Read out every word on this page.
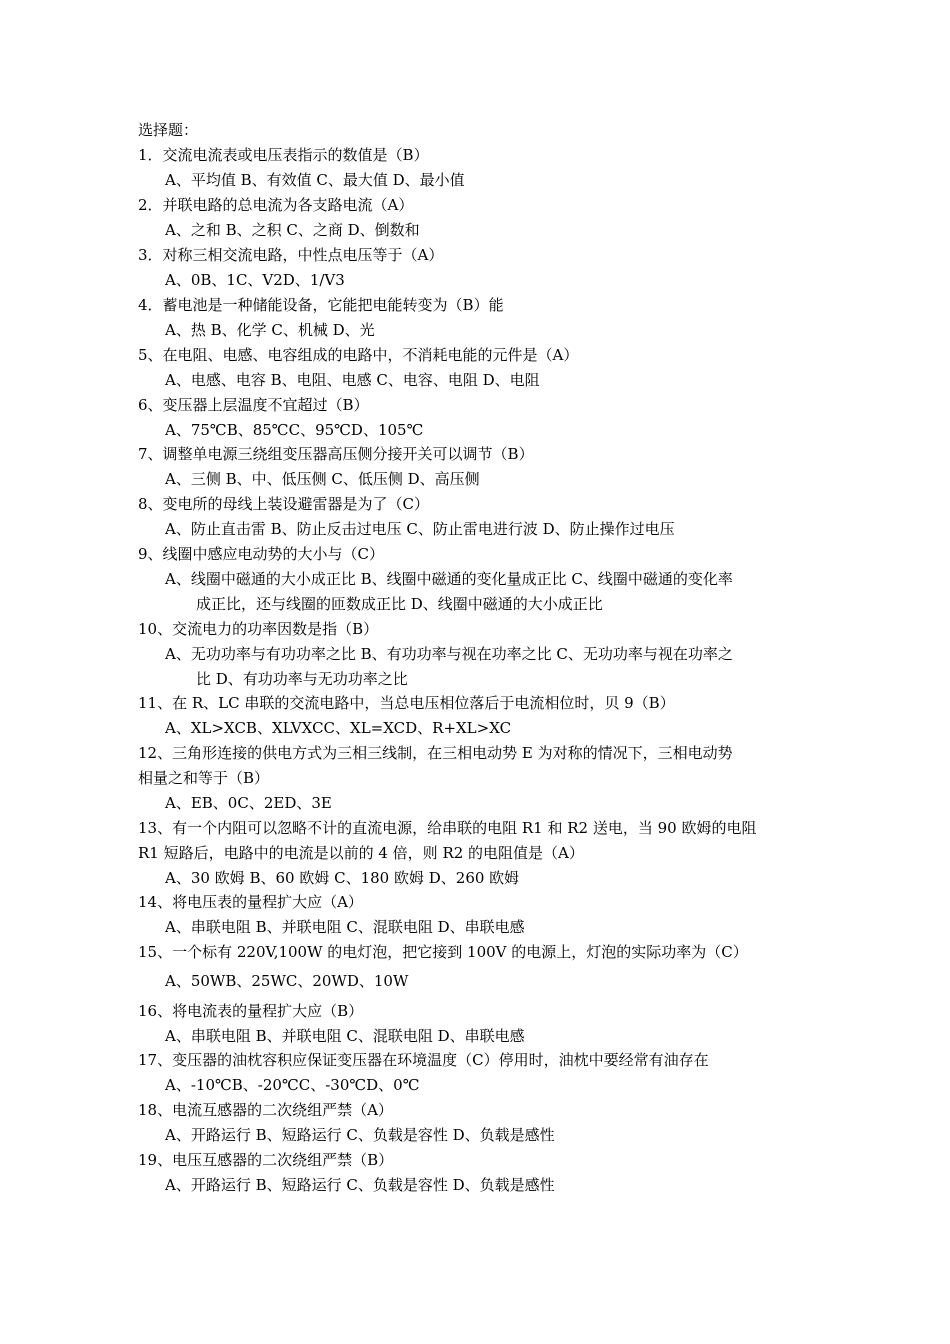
选择题：
1．交流电流表或电压表指示的数值是（B）
A、平均值 B、有效值 C、最大值 D、最小值
2．并联电路的总电流为各支路电流（A）
A、之和 B、之积 C、之商 D、倒数和
3．对称三相交流电路，中性点电压等于（A）
A、0B、1C、V2D、1/V3
4．蓄电池是一种储能设备，它能把电能转变为（B）能
A、热 B、化学 C、机械 D、光
5、在电阻、电感、电容组成的电路中，不消耗电能的元件是（A）
A、电感、电容 B、电阻、电感 C、电容、电阻 D、电阻
6、变压器上层温度不宜超过（B）
A、75℃B、85℃C、95℃D、105℃
7、调整单电源三绕组变压器高压侧分接开关可以调节（B）
A、三侧 B、中、低压侧 C、低压侧 D、高压侧
8、变电所的母线上装设避雷器是为了（C）
A、防止直击雷 B、防止反击过电压 C、防止雷电进行波 D、防止操作过电压
9、线圈中感应电动势的大小与（C）
A、线圈中磁通的大小成正比 B、线圈中磁通的变化量成正比 C、线圈中磁通的变化率
成正比，还与线圈的匝数成正比 D、线圈中磁通的大小成正比
10、交流电力的功率因数是指（B）
A、无功功率与有功功率之比 B、有功功率与视在功率之比 C、无功功率与视在功率之
比 D、有功功率与无功功率之比
11、在 R、LC 串联的交流电路中，当总电压相位落后于电流相位时，贝 9（B）
A、XL>XCB、XLVXCC、XL=XCD、R+XL>XC
12、三角形连接的供电方式为三相三线制，在三相电动势 E 为对称的情况下，三相电动势
相量之和等于（B）
A、EB、0C、2ED、3E
13、有一个内阻可以忽略不计的直流电源，给串联的电阻 R1 和 R2 送电，当 90 欧姆的电阻
R1 短路后，电路中的电流是以前的 4 倍，则 R2 的电阻值是（A）
A、30 欧姆 B、60 欧姆 C、180 欧姆 D、260 欧姆
14、将电压表的量程扩大应（A）
A、串联电阻 B、并联电阻 C、混联电阻 D、串联电感
15、一个标有 220V,100W 的电灯泡，把它接到 100V 的电源上，灯泡的实际功率为（C）
A、50WB、25WC、20WD、10W
16、将电流表的量程扩大应（B）
A、串联电阻 B、并联电阻 C、混联电阻 D、串联电感
17、变压器的油枕容积应保证变压器在环境温度（C）停用时，油枕中要经常有油存在
A、-10℃B、-20℃C、-30℃D、0℃
18、电流互感器的二次绕组严禁（A）
A、开路运行 B、短路运行 C、负载是容性 D、负载是感性
19、电压互感器的二次绕组严禁（B）
A、开路运行 B、短路运行 C、负载是容性 D、负载是感性
